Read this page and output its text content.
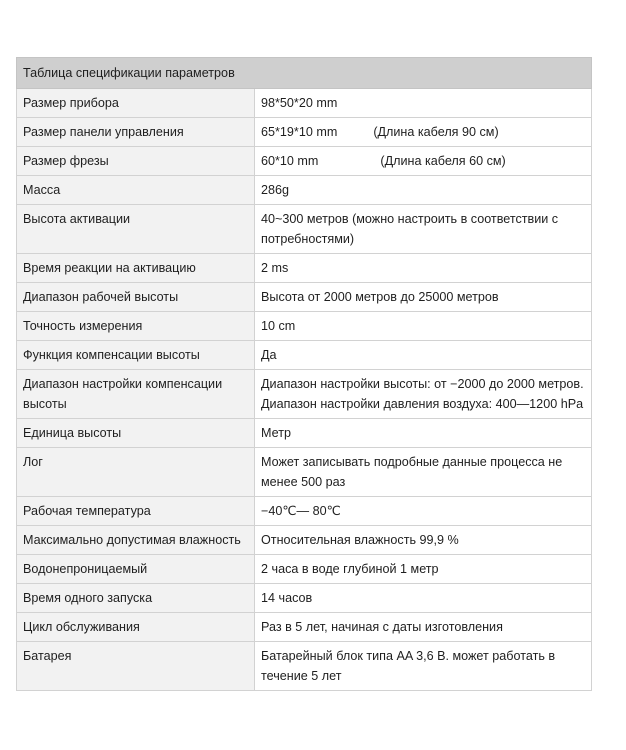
Таблица спецификации параметров	
Размер прибора	98*50*20 mm
Размер панели управления	65*19*10 mm (Длина кабеля 90 см)
Размер фрезы	60*10 mm (Длина кабеля 60 см)
Масса	286g
Высота активации	40~300 метров (можно настроить в соответствии с потребностями)
Время реакции на активацию	2 ms
Диапазон рабочей высоты	Высота от 2000 метров до 25000 метров
Точность измерения	10 cm
Функция компенсации высоты	Да
Диапазон настройки компенсации высоты	Диапазон настройки высоты: от −2000 до 2000 метров.
Диапазон настройки давления воздуха: 400—1200 hPa

Единица высоты	Метр
Лог	Может записывать подробные данные процесса не менее 500 раз
Рабочая температура	−40℃— 80℃
Максимально допустимая влажность	Относительная влажность 99,9 %
Водонепроницаемый	2 часа в воде глубиной 1 метр
Время одного запуска	14 часов
Цикл обслуживания	Раз в 5 лет, начиная с даты изготовления
Батарея	Батарейный блок типа AA 3,6 В. может работать в течение 5 лет
